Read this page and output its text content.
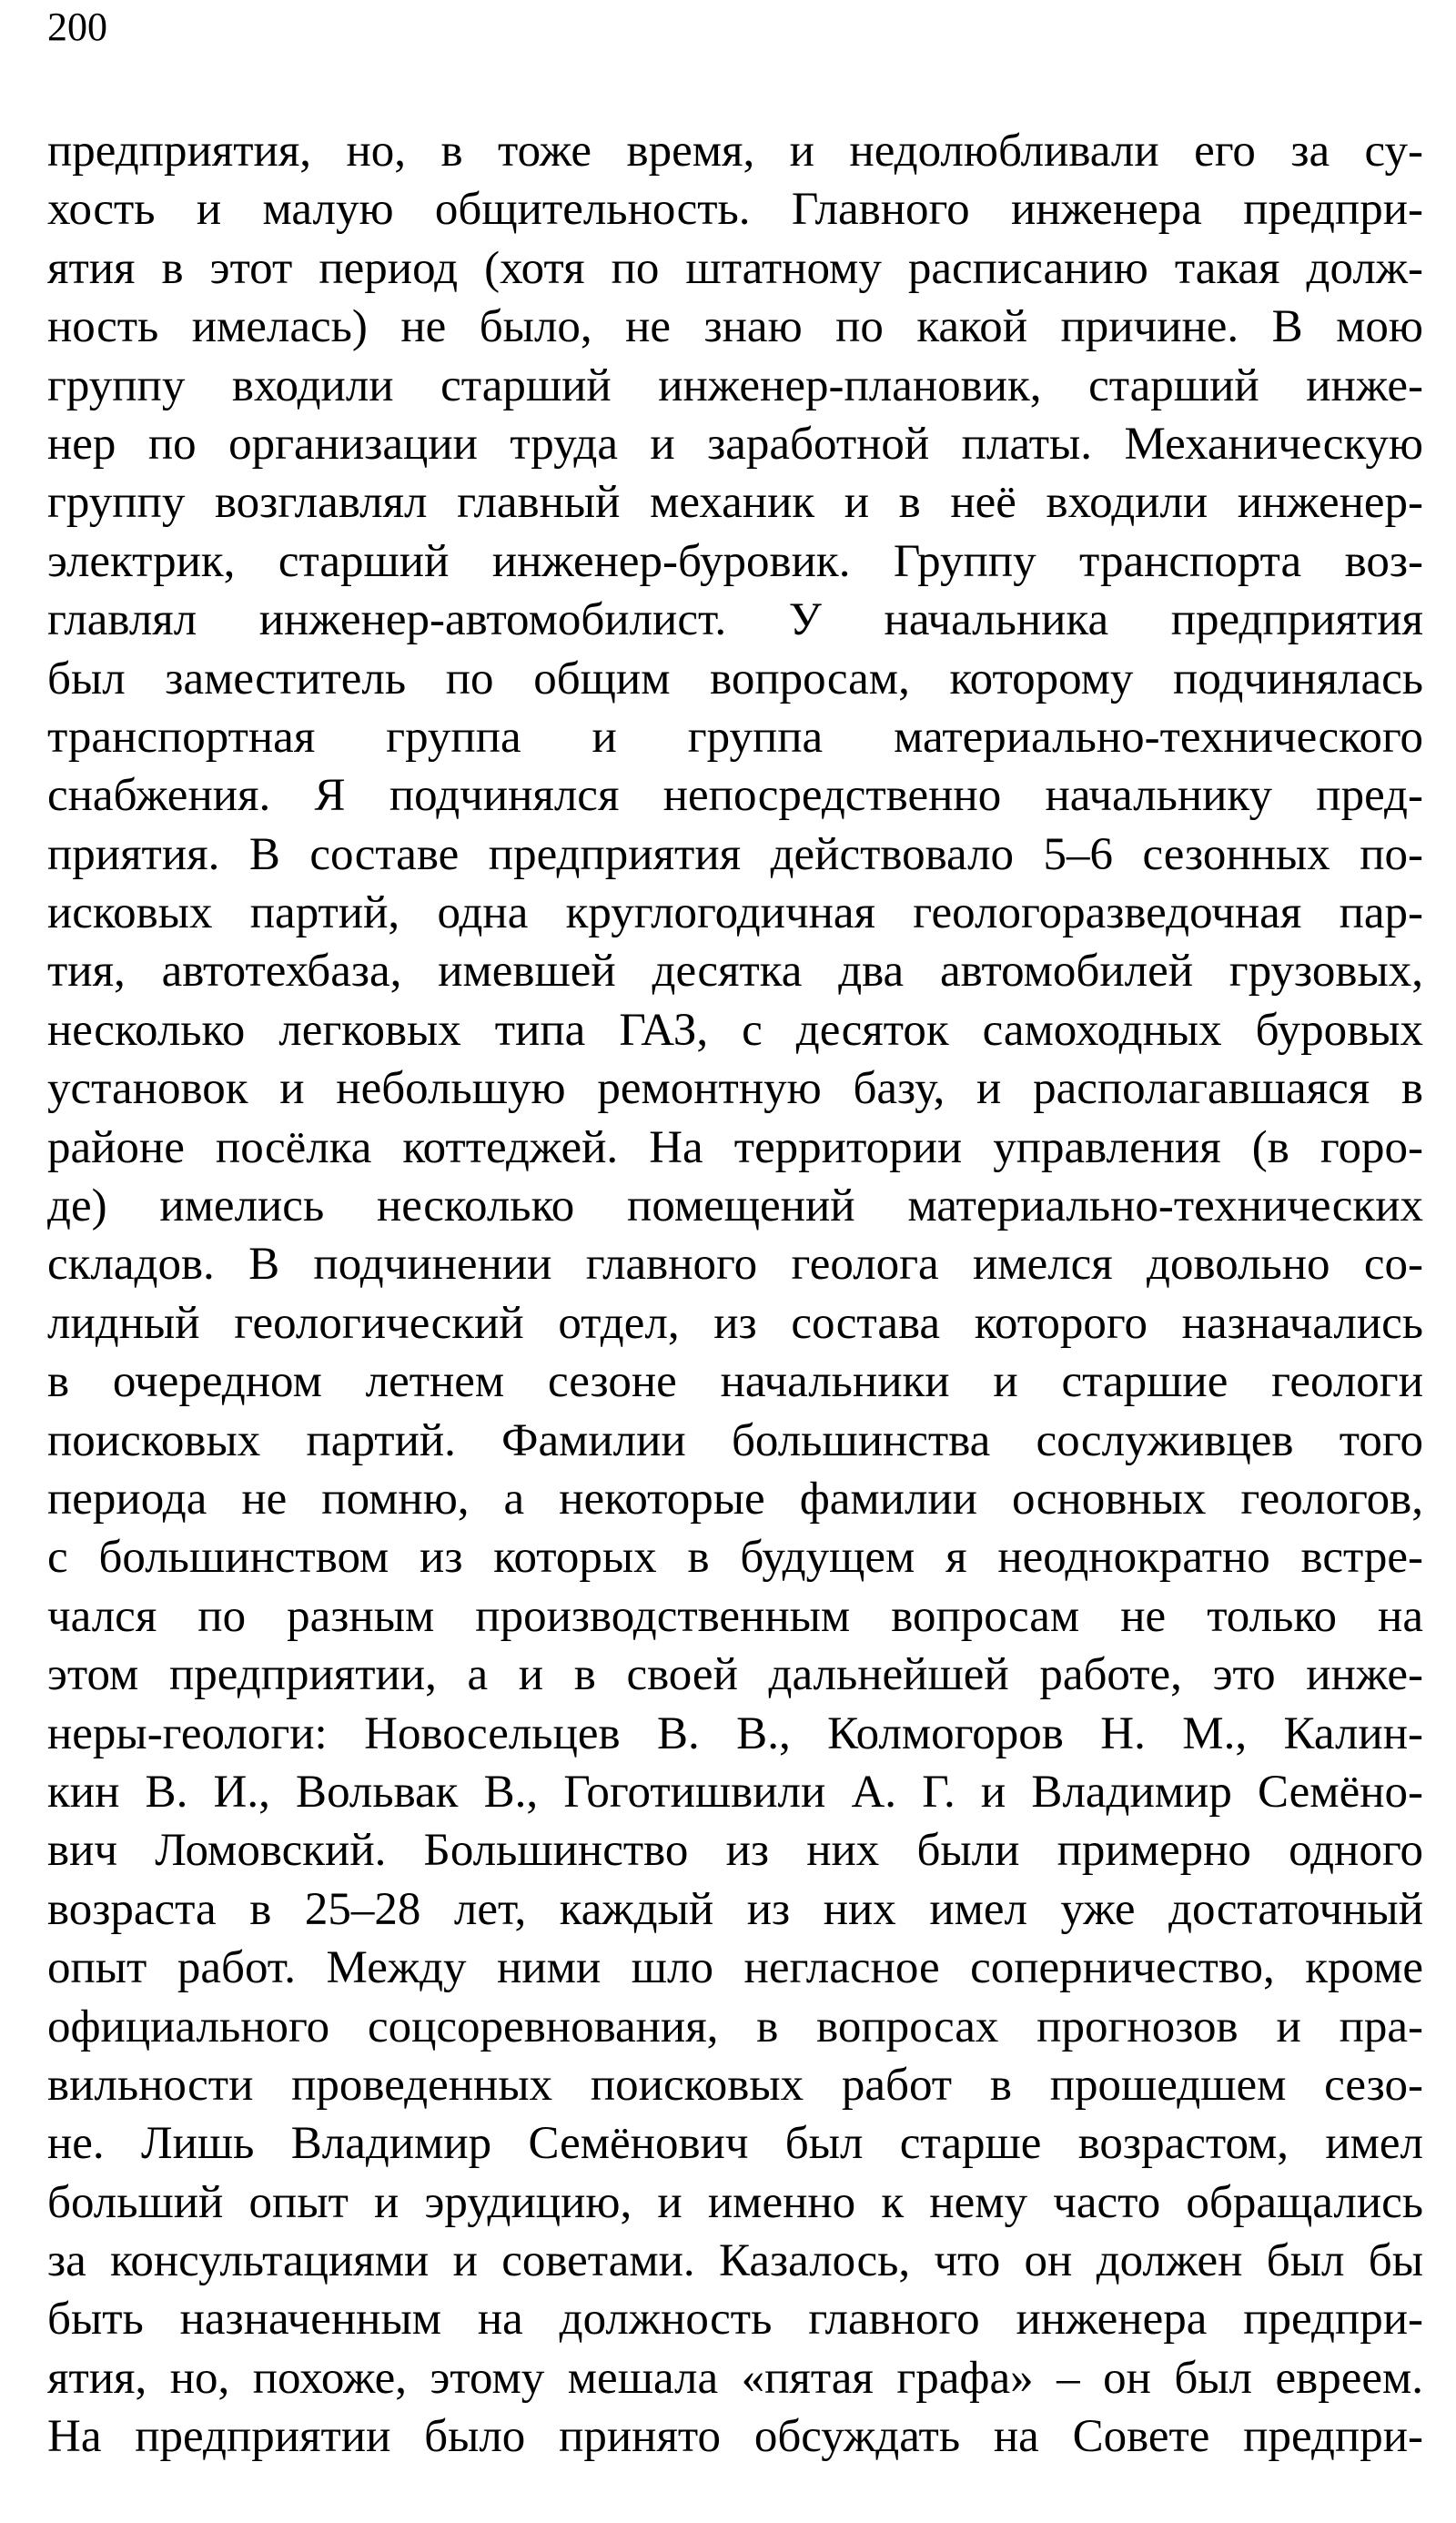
200
предприятия, но, в тоже время, и недолюбливали его за су-
хость и малую общительность. Главного инженера предпри-
ятия в этот период (хотя по штатному расписанию такая долж-
ность имелась) не было, не знаю по какой причине. В мою
группу входили старший инженер-плановик, старший инже-
нер по организации труда и заработной платы. Механическую
группу возглавлял главный механик и в неё входили инженер-
электрик, старший инженер-буровик. Группу транспорта воз-
главлял инженер-автомобилист. У начальника предприятия
был заместитель по общим вопросам, которому подчинялась
транспортная группа и группа материально-технического
снабжения. Я подчинялся непосредственно начальнику пред-
приятия. В составе предприятия действовало 5–6 сезонных по-
исковых партий, одна круглогодичная геологоразведочная пар-
тия, автотехбаза, имевшей десятка два автомобилей грузовых,
несколько легковых типа ГАЗ, с десяток самоходных буровых
установок и небольшую ремонтную базу, и располагавшаяся в
районе посёлка коттеджей. На территории управления (в горо-
де) имелись несколько помещений материально-технических
складов. В подчинении главного геолога имелся довольно со-
лидный геологический отдел, из состава которого назначались
в очередном летнем сезоне начальники и старшие геологи
поисковых партий. Фамилии большинства сослуживцев того
периода не помню, а некоторые фамилии основных геологов,
с большинством из которых в будущем я неоднократно встре-
чался по разным производственным вопросам не только на
этом предприятии, а и в своей дальнейшей работе, это инже-
неры-геологи: Новосельцев В. В., Колмогоров Н. М., Калин-
кин В. И., Вольвак В., Гоготишвили А. Г. и Владимир Семёно-
вич Ломовский. Большинство из них были примерно одного
возраста в 25–28 лет, каждый из них имел уже достаточный
опыт работ. Между ними шло негласное соперничество, кроме
официального соцсоревнования, в вопросах прогнозов и пра-
вильности проведенных поисковых работ в прошедшем сезо-
не. Лишь Владимир Семёнович был старше возрастом, имел
больший опыт и эрудицию, и именно к нему часто обращались
за консультациями и советами. Казалось, что он должен был бы
быть назначенным на должность главного инженера предпри-
ятия, но, похоже, этому мешала «пятая графа» – он был евреем.
На предприятии было принято обсуждать на Совете предпри-
